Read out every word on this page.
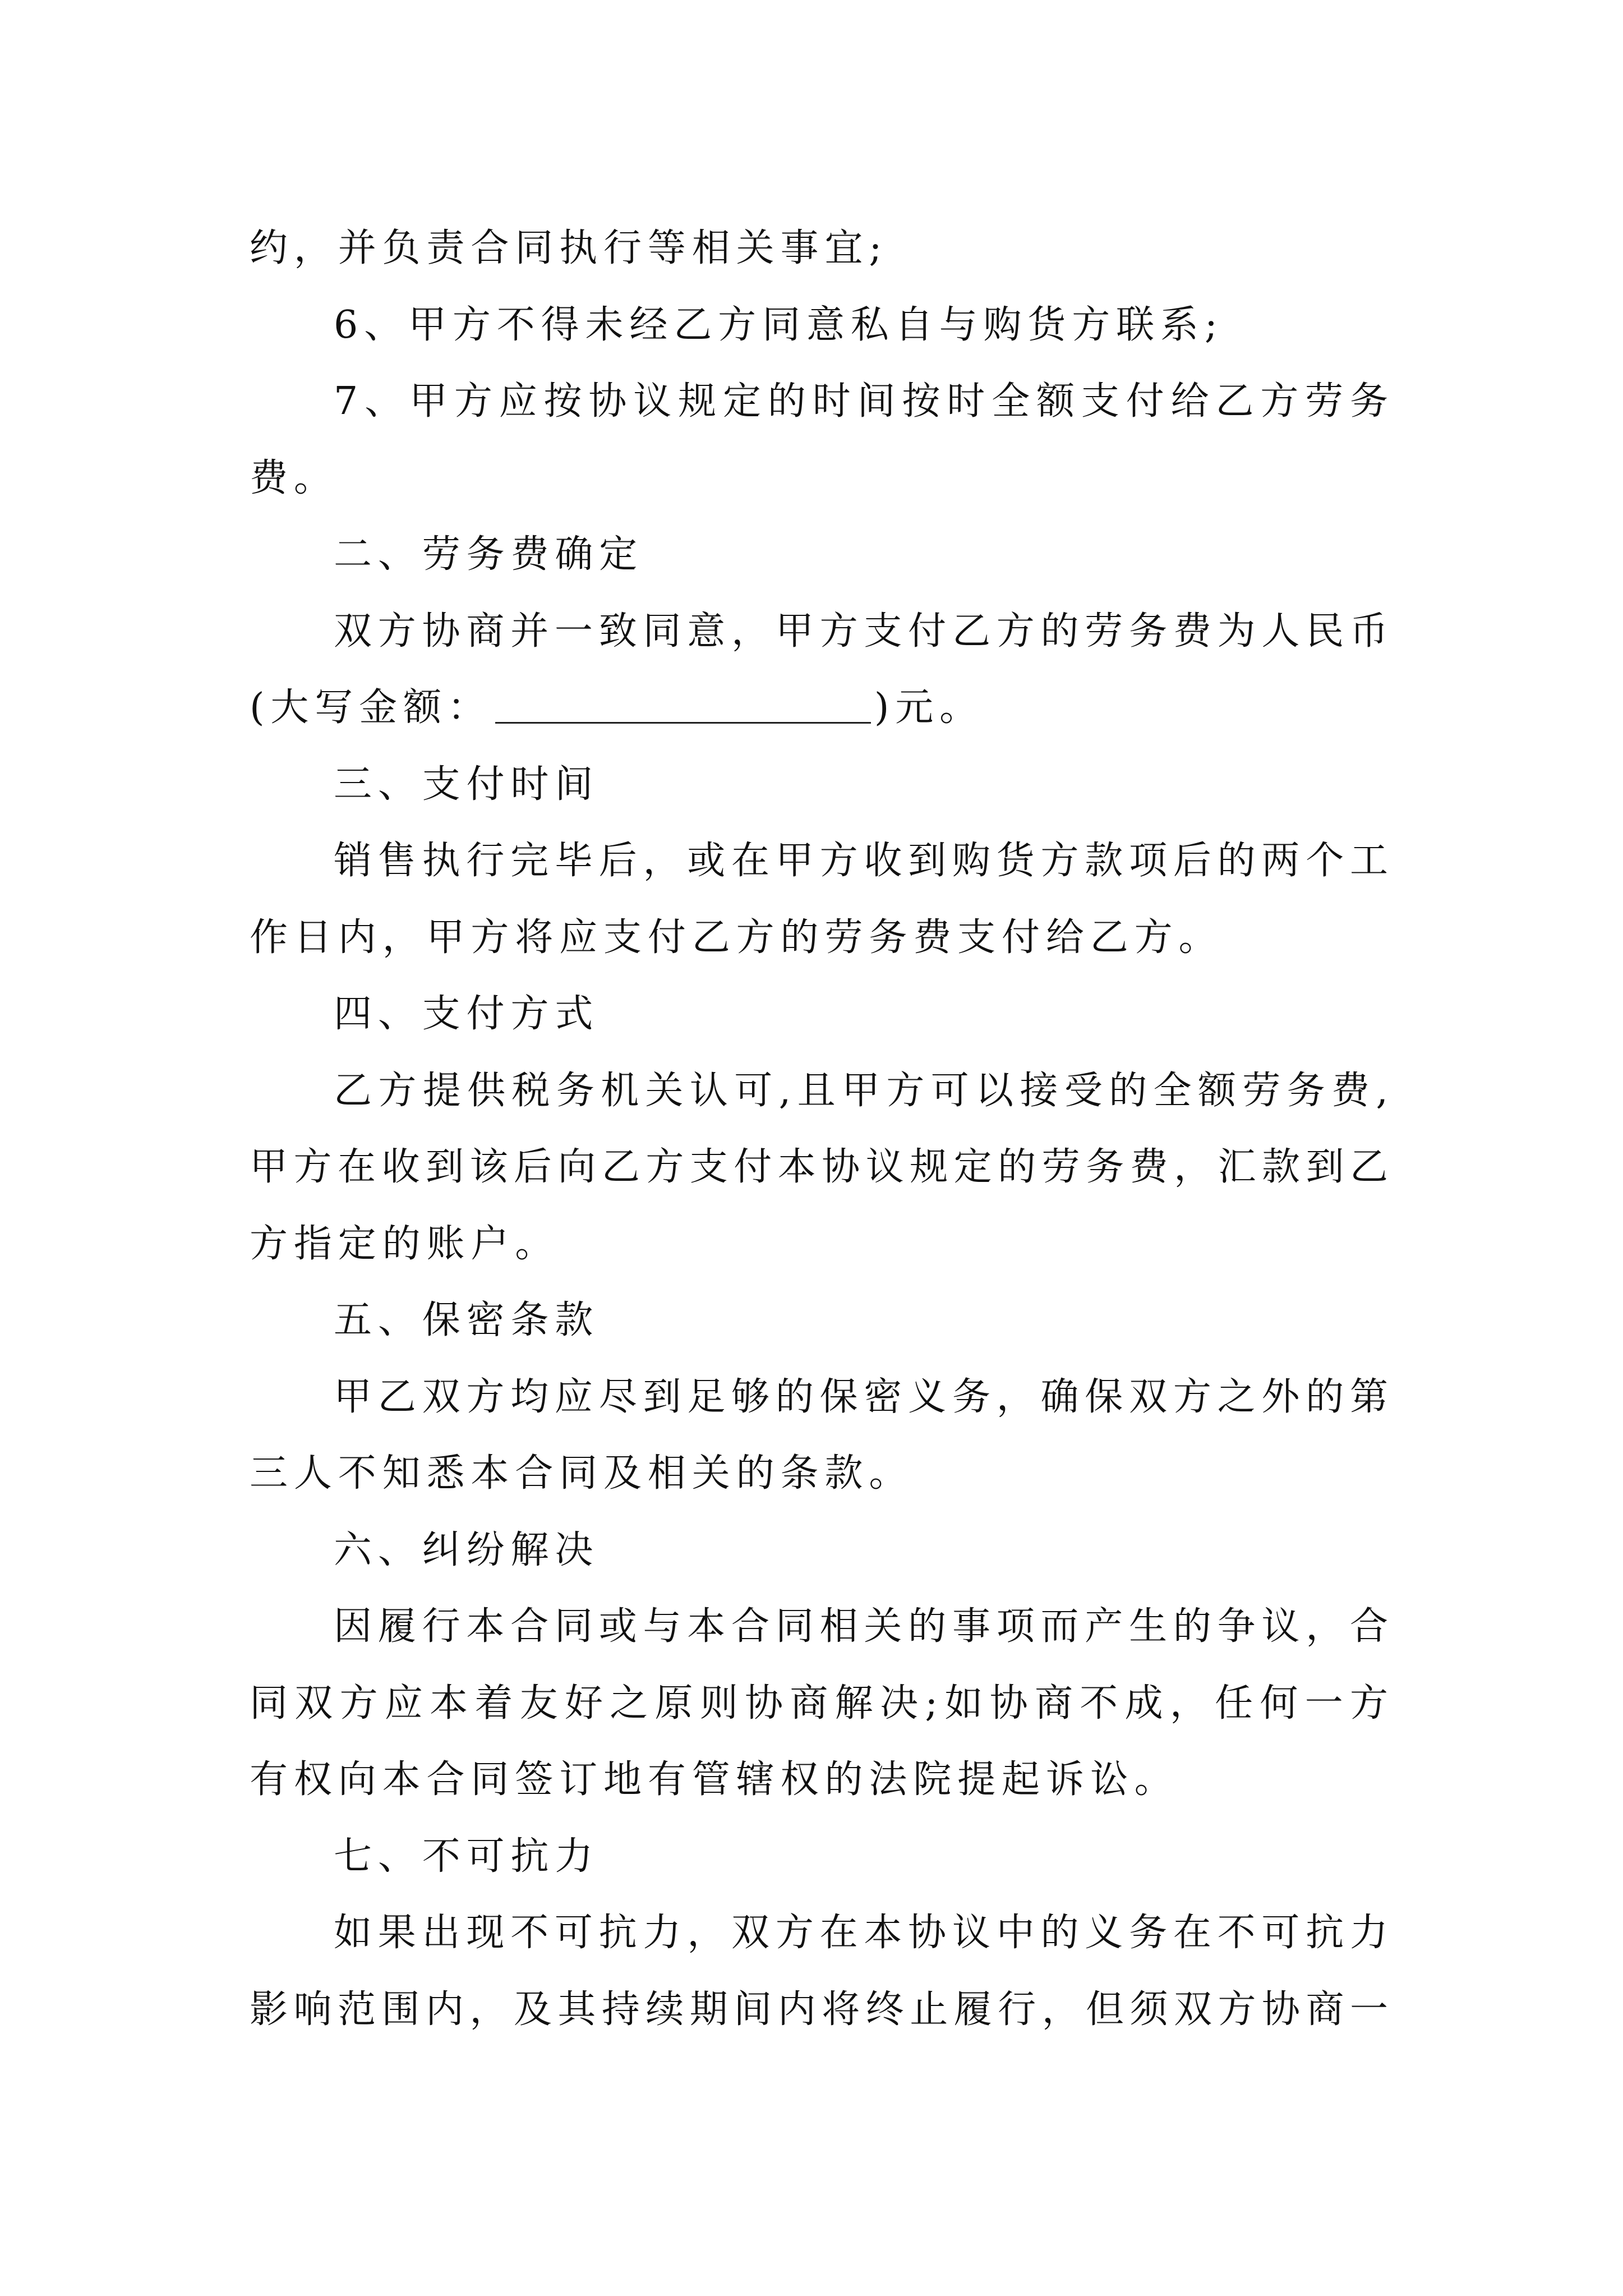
约，并负责合同执行等相关事宜;
6、甲方不得未经乙方同意私自与购货方联系;
7、甲方应按协议规定的时间按时全额支付给乙方劳务
费。
二、劳务费确定
双方协商并一致同意，甲方支付乙方的劳务费为人民币
(大写金额：	)元。
三、支付时间
销售执行完毕后，或在甲方收到购货方款项后的两个工
作日内，甲方将应支付乙方的劳务费支付给乙方。
四、支付方式
乙方提供税务机关认可,且甲方可以接受的全额劳务费,
甲方在收到该后向乙方支付本协议规定的劳务费，汇款到乙
方指定的账户。
五、保密条款
甲乙双方均应尽到足够的保密义务，确保双方之外的第
三人不知悉本合同及相关的条款。
六、纠纷解决
因履行本合同或与本合同相关的事项而产生的争议，合
同双方应本着友好之原则协商解决;如协商不成，任何一方
有权向本合同签订地有管辖权的法院提起诉讼。
七、不可抗力
如果出现不可抗力，双方在本协议中的义务在不可抗力
影响范围内，及其持续期间内将终止履行，但须双方协商一
